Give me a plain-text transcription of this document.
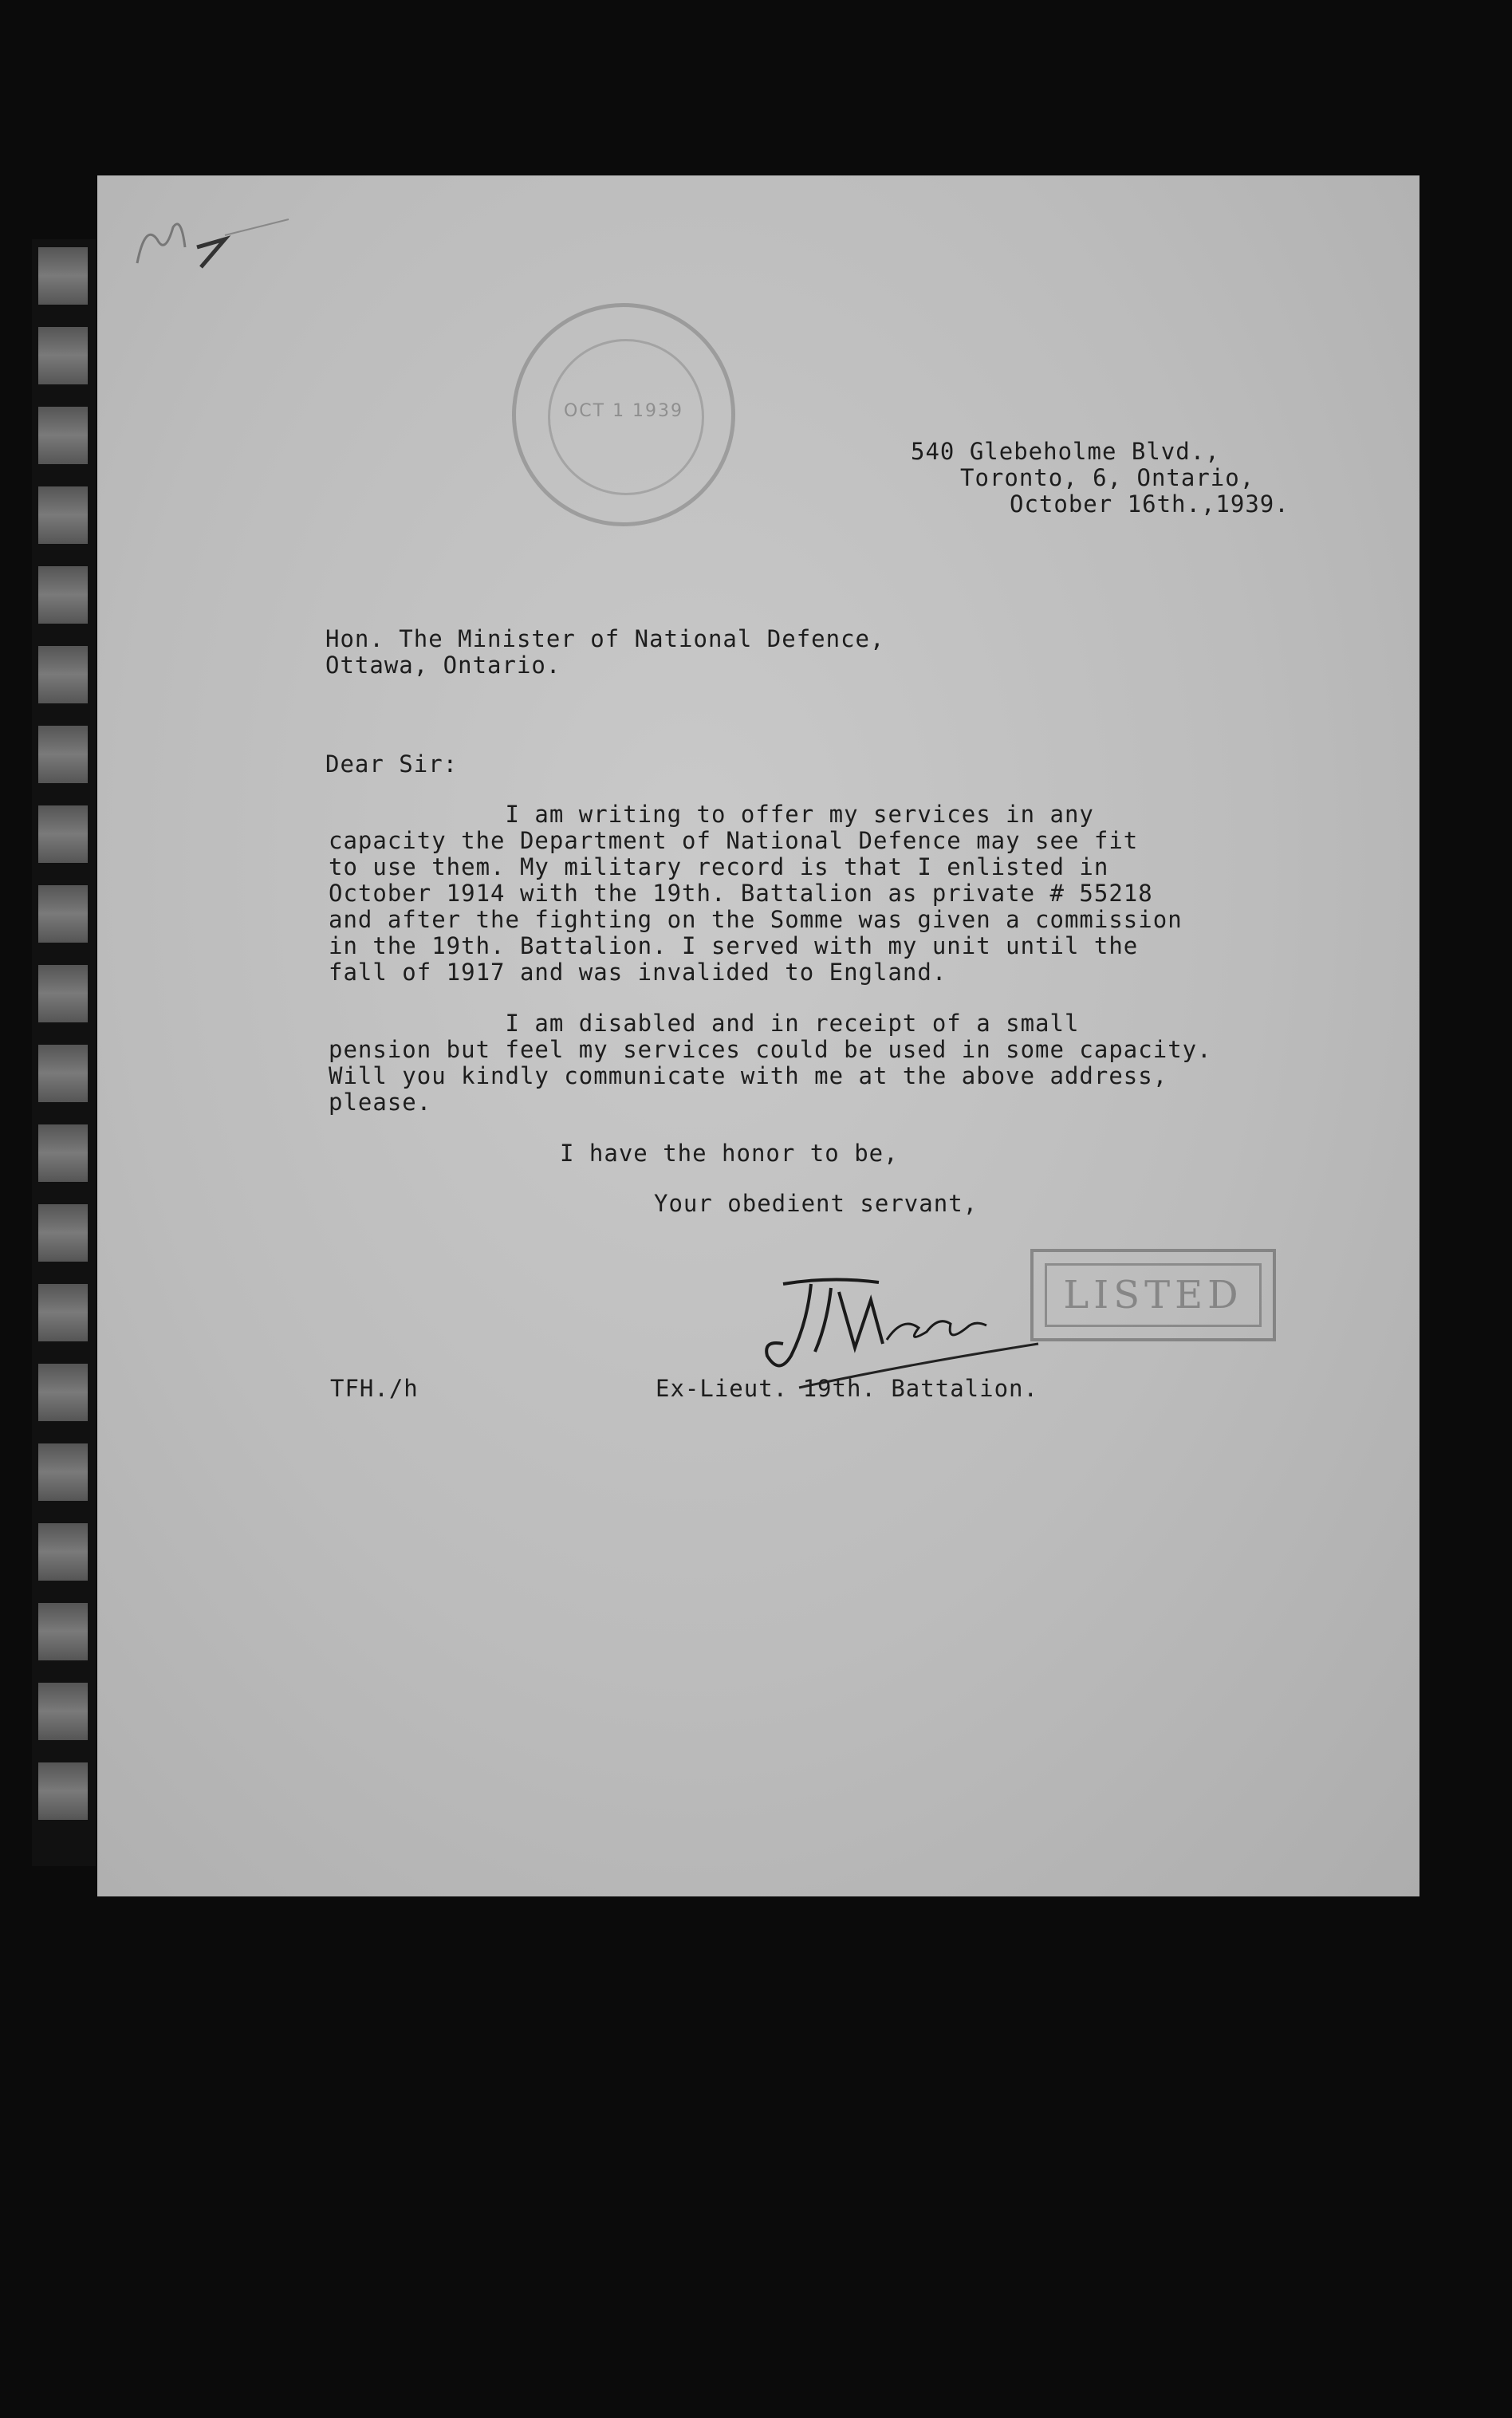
OCT 1 1939
540 Glebeholme Blvd.,
Toronto, 6, Ontario,
October 16th.,1939.
Hon. The Minister of National Defence,
Ottawa, Ontario.
Dear Sir:
I am writing to offer my services in any
capacity the Department of National Defence may see fit
to use them. My military record is that I enlisted in
October 1914 with the 19th. Battalion as private # 55218
and after the fighting on the Somme was given a commission
in the 19th. Battalion. I served with my unit until the
fall of 1917 and was invalided to England.
I am disabled and in receipt of a small
pension but feel my services could be used in some capacity.
Will you kindly communicate with me at the above address,
please.
I have the honor to be,
Your obedient servant,
LISTED
TFH./h	Ex-Lieut. 19th. Battalion.
